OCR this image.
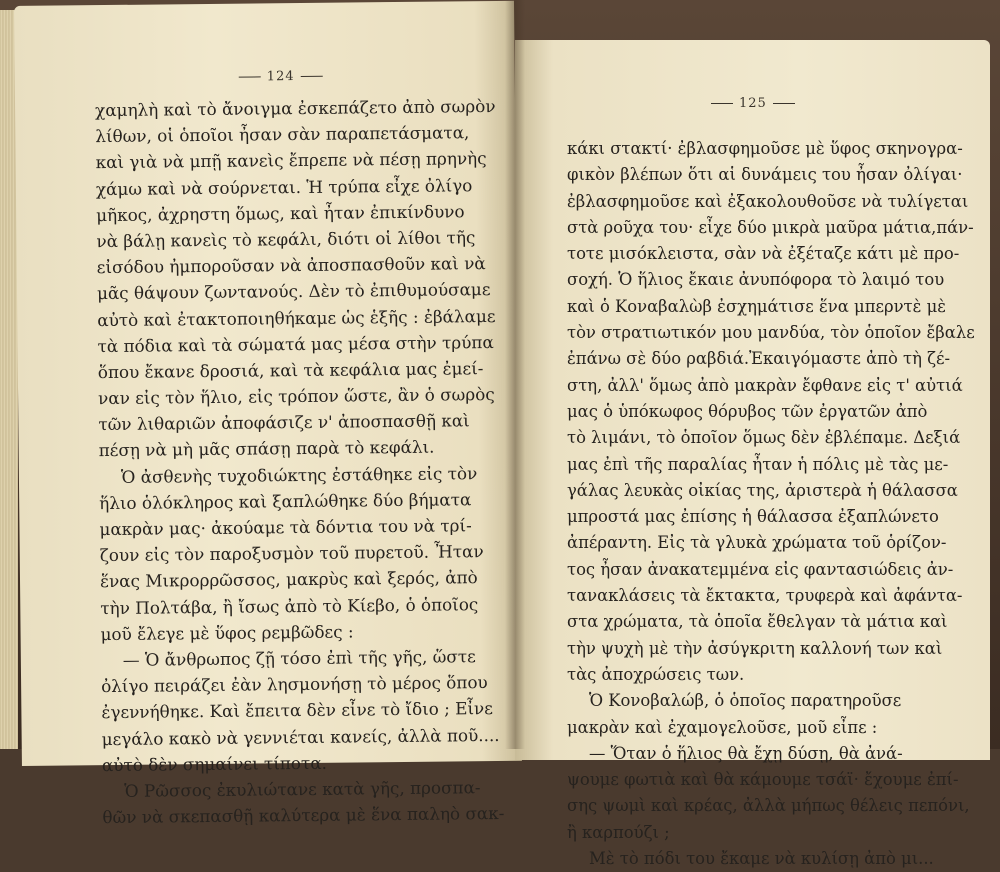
124
χαμηλὴ καὶ τὸ ἄνοιγμα ἐσκεπάζετο ἀπὸ σωρὸν
λίθων, οἱ ὁποῖοι ἦσαν σὰν παραπετάσματα,
καὶ γιὰ νὰ μπῇ κανεὶς ἔπρεπε νὰ πέσῃ πρηνὴς
χάμω καὶ νὰ σούρνεται. Ἡ τρύπα εἶχε ὀλίγο
μῆκος, ἀχρηστη ὅμως, καὶ ἦταν ἐπικίνδυνο
νὰ βάλῃ κανεὶς τὸ κεφάλι, διότι οἱ λίθοι τῆς
εἰσόδου ἠμποροῦσαν νὰ ἀποσπασθοῦν καὶ νὰ
μᾶς θάψουν ζωντανούς. Δὲν τὸ ἐπιθυμούσαμε
αὐτὸ καὶ ἐτακτοποιηθήκαμε ὡς ἑξῆς : ἐβάλαμε
τὰ πόδια καὶ τὰ σώματά μας μέσα στὴν τρύπα
ὅπου ἔκανε δροσιά, καὶ τὰ κεφάλια μας ἐμεί-
ναν εἰς τὸν ἥλιο, εἰς τρόπον ὥστε, ἂν ὁ σωρὸς
τῶν λιθαριῶν ἀποφάσιζε ν' ἀποσπασθῇ καὶ
πέσῃ νὰ μὴ μᾶς σπάσῃ παρὰ τὸ κεφάλι.
Ὁ ἀσθενὴς τυχοδιώκτης ἐστάθηκε εἰς τὸν
ἥλιο ὁλόκληρος καὶ ξαπλώθηκε δύο βήματα
μακρὰν μας· ἀκούαμε τὰ δόντια του νὰ τρί-
ζουν εἰς τὸν παροξυσμὸν τοῦ πυρετοῦ. Ἦταν
ἕνας Μικρορρῶσσος, μακρὺς καὶ ξερός, ἀπὸ
τὴν Πολτάβα, ἢ ἴσως ἀπὸ τὸ Κίεβο, ὁ ὁποῖος
μοῦ ἔλεγε μὲ ὕφος ρεμβῶδες :
— Ὁ ἄνθρωπος ζῇ τόσο ἐπὶ τῆς γῆς, ὥστε
ὀλίγο πειράζει ἐὰν λησμονήσῃ τὸ μέρος ὅπου
ἐγεννήθηκε. Καὶ ἔπειτα δὲν εἶνε τὸ ἴδιο ; Εἶνε
μεγάλο κακὸ νὰ γεννιέται κανείς, ἀλλὰ ποῦ....
αὐτὸ δὲν σημαίνει τίποτα.
Ὁ Ρῶσσος ἐκυλιώτανε κατὰ γῆς, προσπα-
θῶν νὰ σκεπασθῇ καλύτερα μὲ ἕνα παληὸ σακ-
125
κάκι στακτί· ἐβλασφημοῦσε μὲ ὕφος σκηνογρα-
φικὸν βλέπων ὅτι αἱ δυνάμεις του ἦσαν ὀλίγαι·
ἐβλασφημοῦσε καὶ ἐξακολουθοῦσε νὰ τυλίγεται
στὰ ροῦχα του· εἶχε δύο μικρὰ μαῦρα μάτια,πάν-
τοτε μισόκλειστα, σὰν νὰ ἐξέταζε κάτι μὲ προ-
σοχή. Ὁ ἥλιος ἔκαιε ἀνυπόφορα τὸ λαιμό του
καὶ ὁ Κοναβαλὼβ ἐσχημάτισε ἕνα μπερντὲ μὲ
τὸν στρατιωτικόν μου μανδύα, τὸν ὁποῖον ἔβαλε
ἐπάνω σὲ δύο ραβδιά.Ἐκαιγόμαστε ἀπὸ τὴ ζέ-
στη, ἀλλ' ὅμως ἀπὸ μακρὰν ἔφθανε εἰς τ' αὐτιά
μας ὁ ὑπόκωφος θόρυβος τῶν ἐργατῶν ἀπὸ
τὸ λιμάνι, τὸ ὁποῖον ὅμως δὲν ἐβλέπαμε. Δεξιά
μας ἐπὶ τῆς παραλίας ἦταν ἡ πόλις μὲ τὰς με-
γάλας λευκὰς οἰκίας της, ἀριστερὰ ἡ θάλασσα
μπροστά μας ἐπίσης ἡ θάλασσα ἐξαπλώνετο
ἀπέραντη. Εἰς τὰ γλυκὰ χρώματα τοῦ ὁρίζον-
τος ἦσαν ἀνακατεμμένα εἰς φαντασιώδεις ἀν-
τανακλάσεις τὰ ἔκτακτα, τρυφερὰ καὶ ἀφάντα-
στα χρώματα, τὰ ὁποῖα ἔθελγαν τὰ μάτια καὶ
τὴν ψυχὴ μὲ τὴν ἀσύγκριτη καλλονή των καὶ
τὰς ἀποχρώσεις των.
Ὁ Κονοβαλώβ, ὁ ὁποῖος παρατηροῦσε
μακρὰν καὶ ἐχαμογελοῦσε, μοῦ εἶπε :
— Ὅταν ὁ ἥλιος θὰ ἔχῃ δύσῃ, θὰ ἀνά-
ψουμε φωτιὰ καὶ θὰ κάμουμε τσάϊ· ἔχουμε ἐπί-
σης ψωμὶ καὶ κρέας, ἀλλὰ μήπως θέλεις πεπόνι,
ἢ καρπούζι ;
Μὲ τὸ πόδι του ἔκαμε νὰ κυλίσῃ ἀπὸ μι...
